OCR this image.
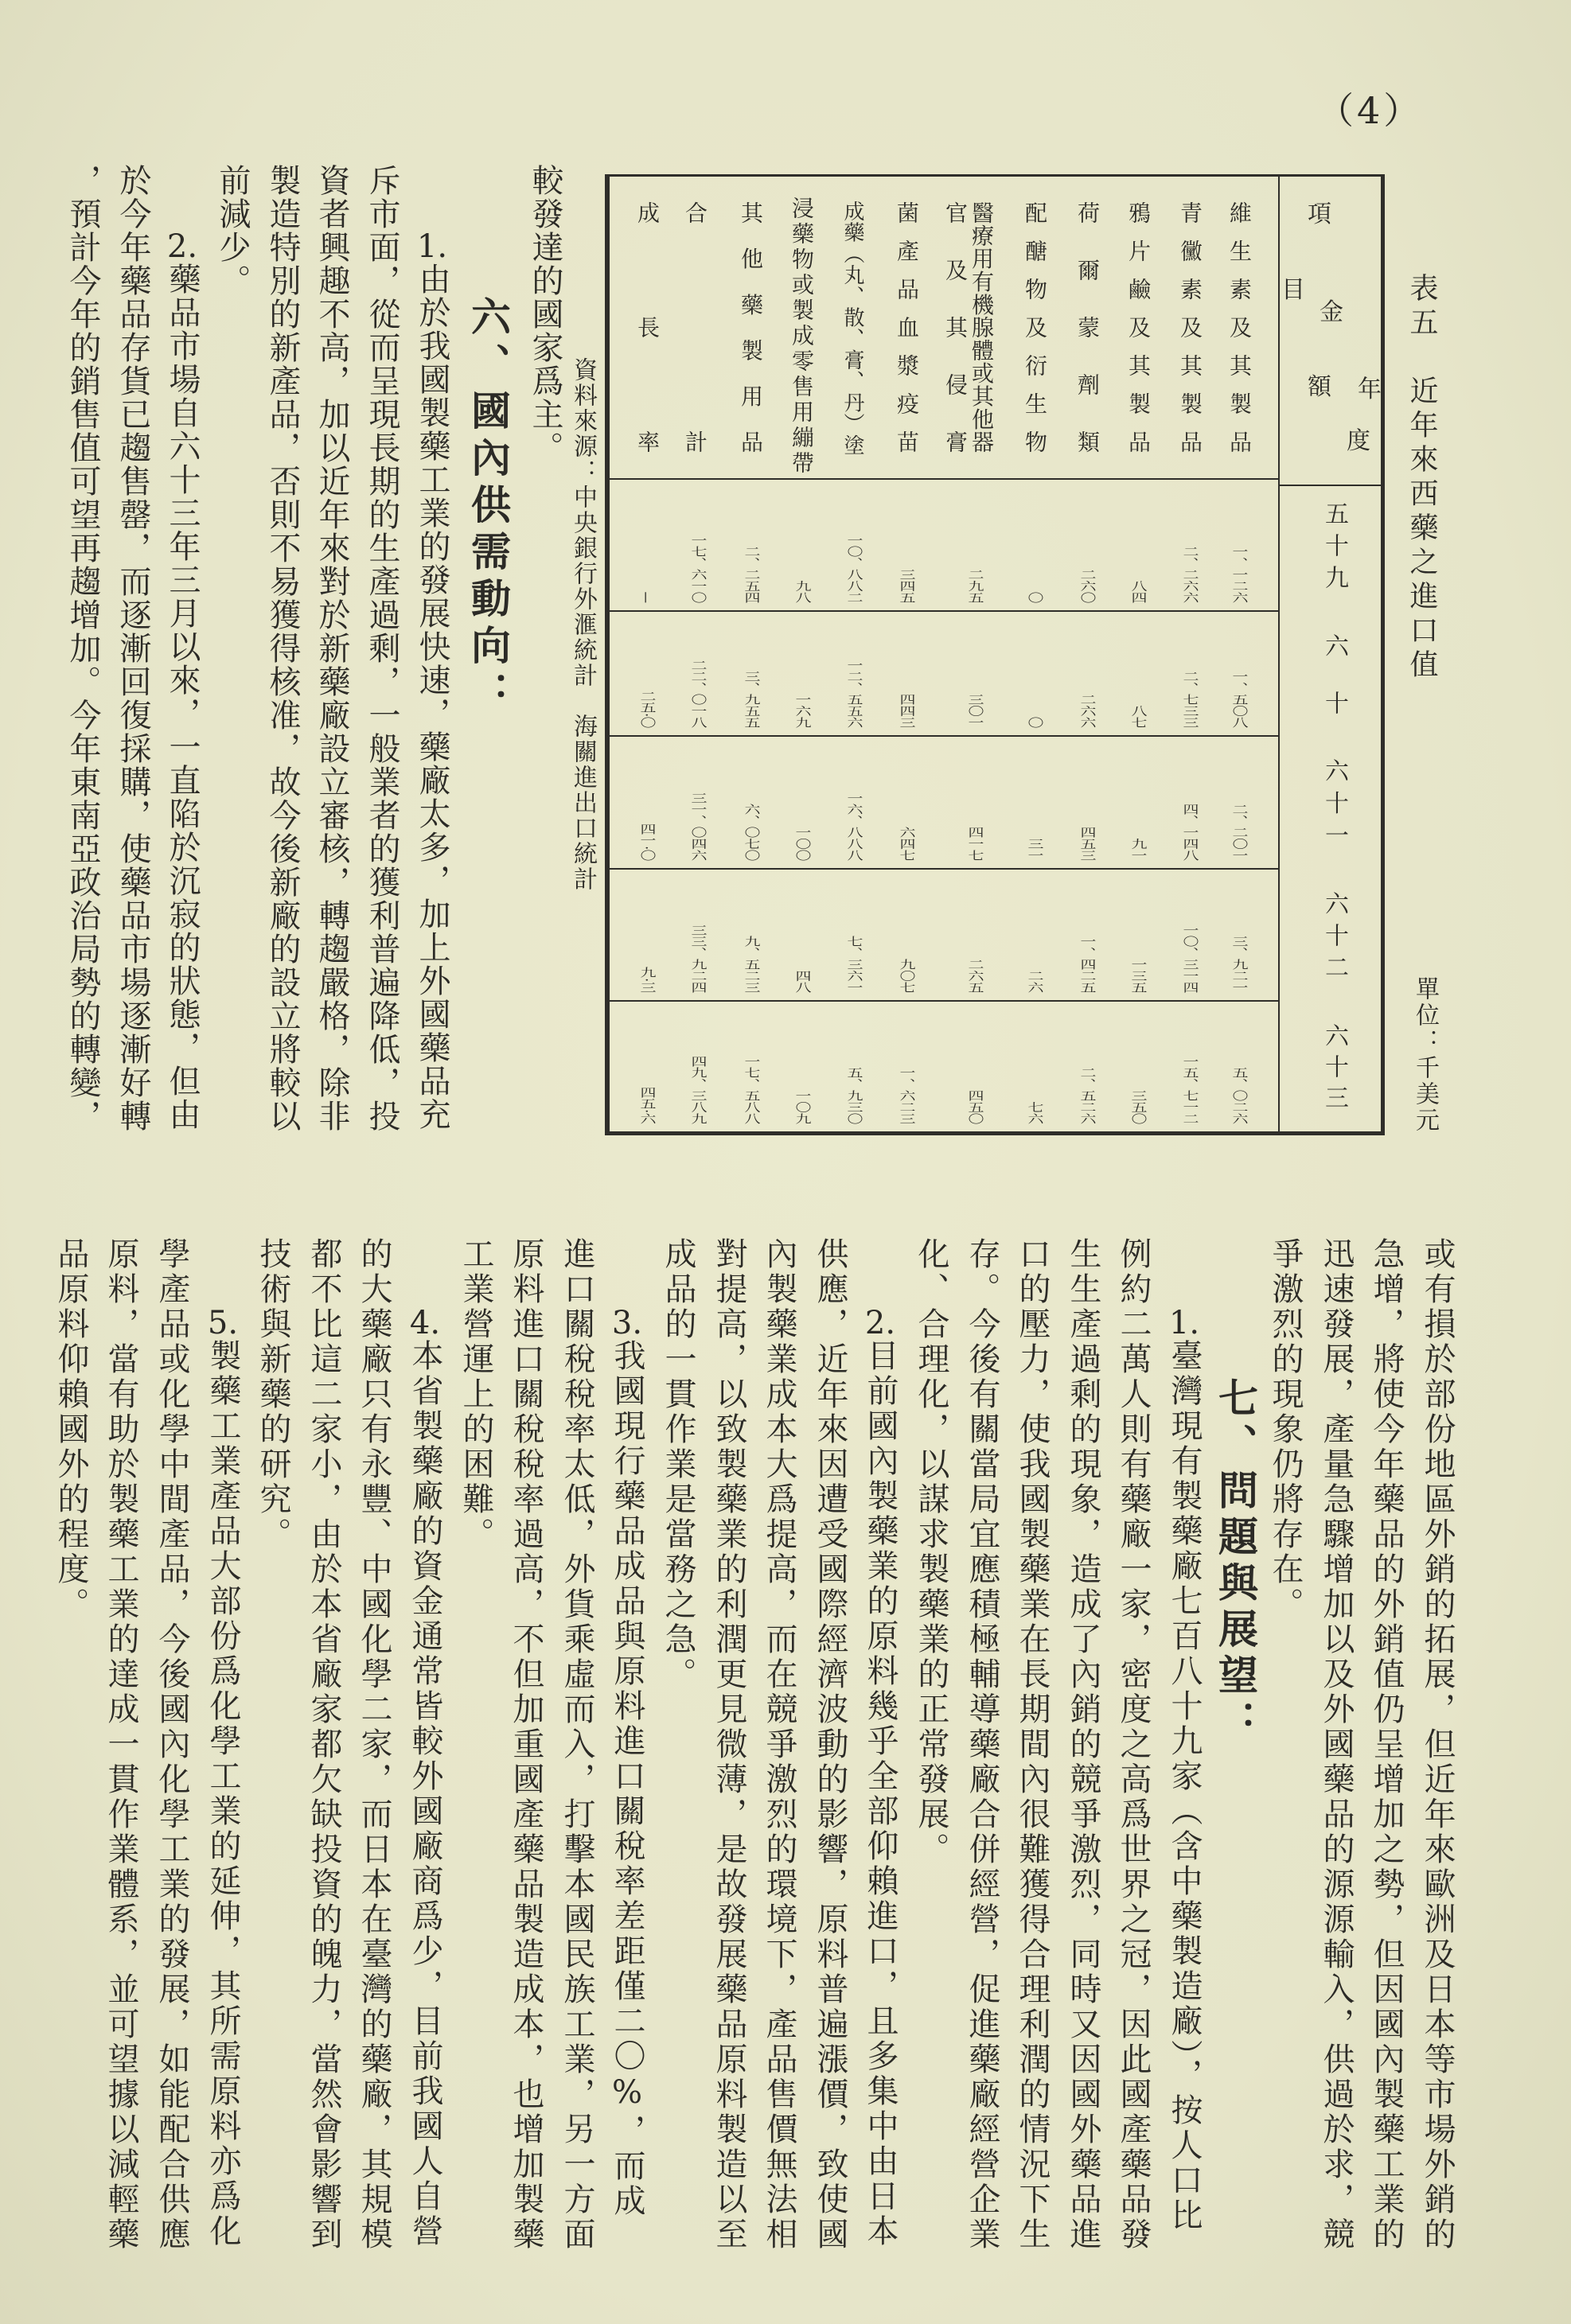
（4）
表五　近年來西藥之進口值
單位：千美元
項
目
金
額 年
度
維生素及其製品
青黴素及其製品
鴉片鹼及其製品
荷爾蒙劑類
配醣物及衍生物
醫療用有機腺體或其他器官及其侵膏
菌產品血漿疫苗
成藥（丸、散、膏、丹）塗
浸藥物或製成零售用繃帶
其他藥製用品
合計
成長率
五十九
六十
六十一
六十二
六十三
一、一二六
二、二六六
八四
二六〇
〇
二九五
三四五
一〇、八八二
九八
二、二五四
一七、六一〇
—
一、五〇八
二、七三三
八七
二六六
〇
三〇一
四四三
一二、五五六
一六九
三、九五五
二二、〇一八
二五·〇
二、二〇一
四、一四八
九一
四五三
三一
四一七
六四七
一六、八八八
一〇〇
六、〇七〇
三一、〇四六
四一·〇
三、九二一
一〇、三一四
一三五
一、四二五
二六
二六五
九〇七
七、三六一
四八
九、五二三
三三、九二四
九·三
五、〇二六
一五、七一二
三五〇
二、五二六
七六
四五〇
一、六二三
五、九三〇
一〇九
一七、五八八
四九、三八九
四五·六
資料來源：中央銀行外滙統計　海關進出口統計
較發達的國家爲主。
六、國內供需動向：
1.由於我國製藥工業的發展快速，藥廠太多，加上外國藥品充
斥市面，從而呈現長期的生產過剩，一般業者的獲利普遍降低，投
資者興趣不高，加以近年來對於新藥廠設立審核，轉趨嚴格，除非
製造特別的新產品，否則不易獲得核准，故今後新廠的設立將較以
前減少。
2.藥品市場自六十三年三月以來，一直陷於沉寂的狀態，但由
於今年藥品存貨已趨售罄，而逐漸回復採購，使藥品市場逐漸好轉
，預計今年的銷售值可望再趨增加。今年東南亞政治局勢的轉變，
或有損於部份地區外銷的拓展，但近年來歐洲及日本等市場外銷的
急增，將使今年藥品的外銷值仍呈增加之勢，但因國內製藥工業的
迅速發展，產量急驟增加以及外國藥品的源源輸入，供過於求，競
爭激烈的現象仍將存在。
七、問題與展望：
1.臺灣現有製藥廠七百八十九家（含中藥製造廠），按人口比
例約二萬人則有藥廠一家，密度之高爲世界之冠，因此國產藥品發
生生產過剩的現象，造成了內銷的競爭激烈，同時又因國外藥品進
口的壓力，使我國製藥業在長期間內很難獲得合理利潤的情況下生
存。今後有關當局宜應積極輔導藥廠合併經營，促進藥廠經營企業
化、合理化，以謀求製藥業的正常發展。
2.目前國內製藥業的原料幾乎全部仰賴進口，且多集中由日本
供應，近年來因遭受國際經濟波動的影響，原料普遍漲價，致使國
內製藥業成本大爲提高，而在競爭激烈的環境下，產品售價無法相
對提高，以致製藥業的利潤更見微薄，是故發展藥品原料製造以至
成品的一貫作業是當務之急。
3.我國現行藥品成品與原料進口關稅率差距僅二〇%，而成
進口關稅稅率太低，外貨乘虛而入，打擊本國民族工業，另一方面
原料進口關稅稅率過高，不但加重國產藥品製造成本，也增加製藥
工業營運上的困難。
4.本省製藥廠的資金通常皆較外國廠商爲少，目前我國人自營
的大藥廠只有永豐、中國化學二家，而日本在臺灣的藥廠，其規模
都不比這二家小，由於本省廠家都欠缺投資的魄力，當然會影響到
技術與新藥的研究。
5.製藥工業產品大部份爲化學工業的延伸，其所需原料亦爲化
學產品或化學中間產品，今後國內化學工業的發展，如能配合供應
原料，當有助於製藥工業的達成一貫作業體系，並可望據以減輕藥
品原料仰賴國外的程度。
